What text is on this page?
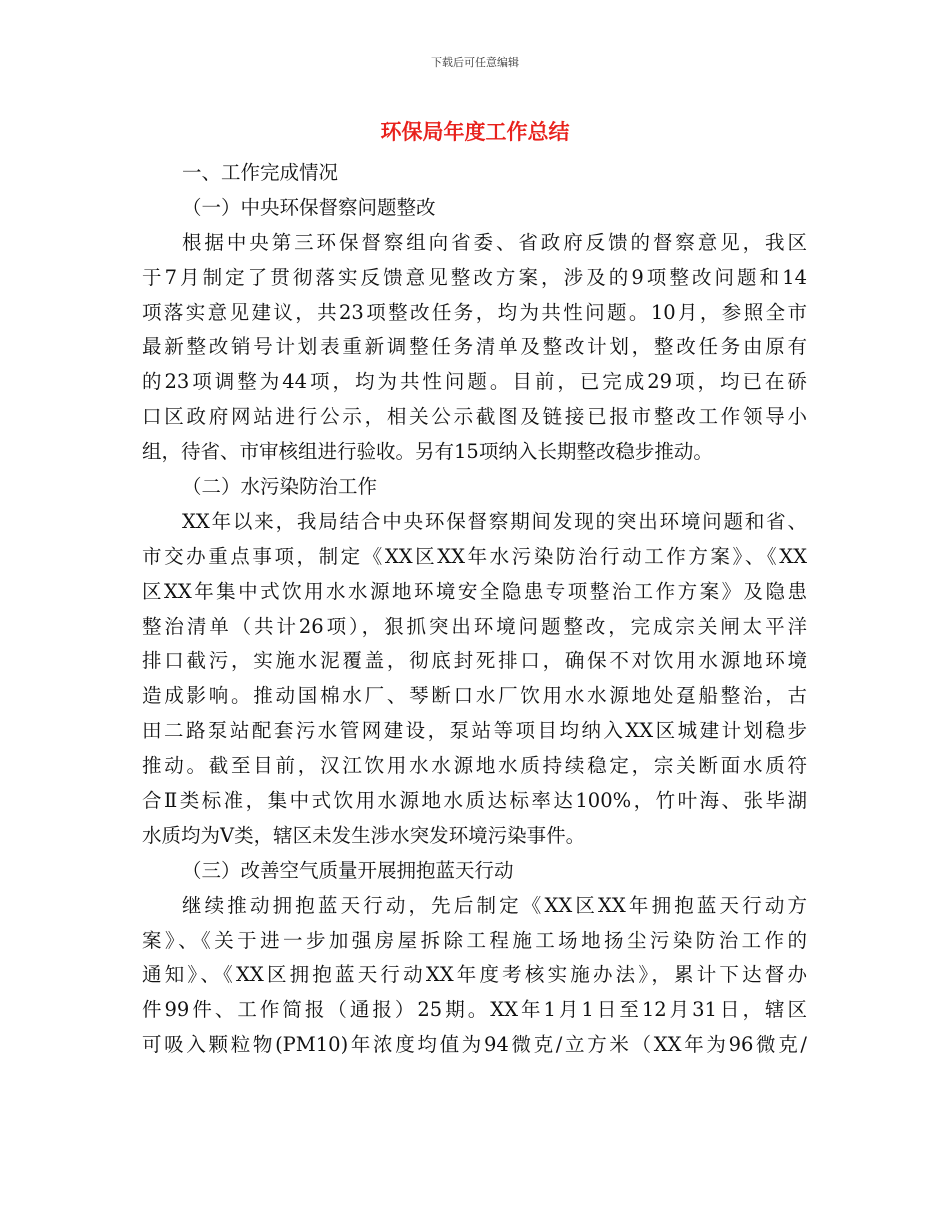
下载后可任意编辑
环保局年度工作总结
一、工作完成情况
（一）中央环保督察问题整改
根据中央第三环保督察组向省委、省政府反馈的督察意见，我区
于7月制定了贯彻落实反馈意见整改方案，涉及的9项整改问题和14
项落实意见建议，共23项整改任务，均为共性问题。10月，参照全市
最新整改销号计划表重新调整任务清单及整改计划，整改任务由原有
的23项调整为44项，均为共性问题。目前，已完成29项，均已在硚
口区政府网站进行公示，相关公示截图及链接已报市整改工作领导小
组，待省、市审核组进行验收。另有15项纳入长期整改稳步推动。
（二）水污染防治工作
XX年以来，我局结合中央环保督察期间发现的突出环境问题和省、
市交办重点事项，制定《XX区XX年水污染防治行动工作方案》、《XX
区XX年集中式饮用水水源地环境安全隐患专项整治工作方案》及隐患
整治清单（共计26项），狠抓突出环境问题整改，完成宗关闸太平洋
排口截污，实施水泥覆盖，彻底封死排口，确保不对饮用水源地环境
造成影响。推动国棉水厂、琴断口水厂饮用水水源地处趸船整治，古
田二路泵站配套污水管网建设，泵站等项目均纳入XX区城建计划稳步
推动。截至目前，汉江饮用水水源地水质持续稳定，宗关断面水质符
合Ⅱ类标准，集中式饮用水源地水质达标率达100%，竹叶海、张毕湖
水质均为Ⅴ类，辖区未发生涉水突发环境污染事件。
（三）改善空气质量开展拥抱蓝天行动
继续推动拥抱蓝天行动，先后制定《XX区XX年拥抱蓝天行动方
案》、《关于进一步加强房屋拆除工程施工场地扬尘污染防治工作的
通知》、《XX区拥抱蓝天行动XX年度考核实施办法》，累计下达督办
件99件、工作简报（通报）25期。XX年1月1日至12月31日，辖区
可吸入颗粒物(PM10)年浓度均值为94微克/立方米（XX年为96微克/
